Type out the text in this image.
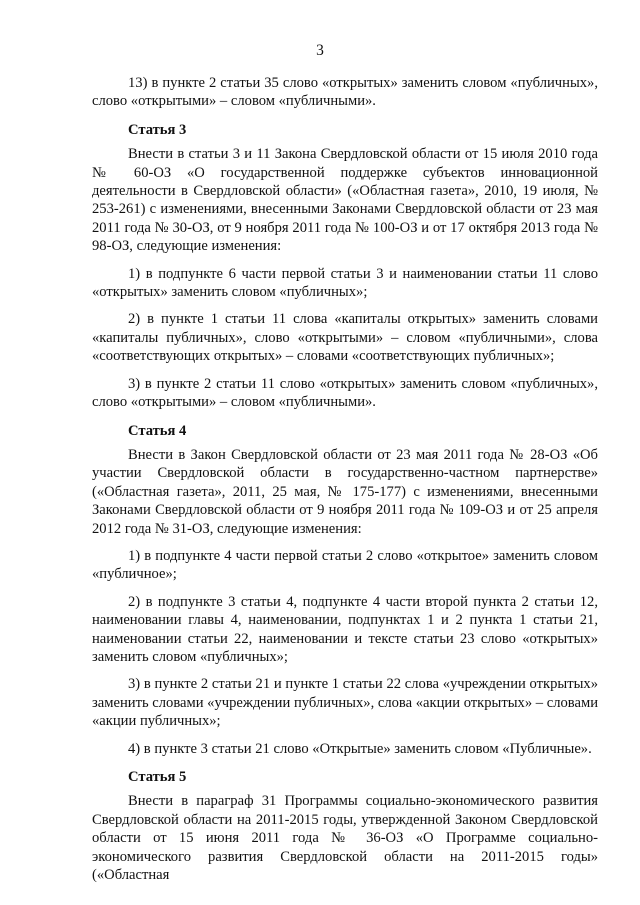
3

13) в пункте 2 статьи 35 слово «открытых» заменить словом «публичных», слово «открытыми» – словом «публичными».

Статья 3

Внести в статьи 3 и 11 Закона Свердловской области от 15 июля 2010 года № 60-ОЗ «О государственной поддержке субъектов инновационной деятельности в Свердловской области» («Областная газета», 2010, 19 июля, № 253-261) с изменениями, внесенными Законами Свердловской области от 23 мая 2011 года № 30-ОЗ, от 9 ноября 2011 года № 100-ОЗ и от 17 октября 2013 года № 98-ОЗ, следующие изменения:

1) в подпункте 6 части первой статьи 3 и наименовании статьи 11 слово «открытых» заменить словом «публичных»;

2) в пункте 1 статьи 11 слова «капиталы открытых» заменить словами «капиталы публичных», слово «открытыми» – словом «публичными», слова «соответствующих открытых» – словами «соответствующих публичных»;

3) в пункте 2 статьи 11 слово «открытых» заменить словом «публичных», слово «открытыми» – словом «публичными».

Статья 4

Внести в Закон Свердловской области от 23 мая 2011 года № 28-ОЗ «Об участии Свердловской области в государственно-частном партнерстве» («Областная газета», 2011, 25 мая, № 175-177) с изменениями, внесенными Законами Свердловской области от 9 ноября 2011 года № 109-ОЗ и от 25 апреля 2012 года № 31-ОЗ, следующие изменения:

1) в подпункте 4 части первой статьи 2 слово «открытое» заменить словом «публичное»;

2) в подпункте 3 статьи 4, подпункте 4 части второй пункта 2 статьи 12, наименовании главы 4, наименовании, подпунктах 1 и 2 пункта 1 статьи 21, наименовании статьи 22, наименовании и тексте статьи 23 слово «открытых» заменить словом «публичных»;

3) в пункте 2 статьи 21 и пункте 1 статьи 22 слова «учреждении открытых» заменить словами «учреждении публичных», слова «акции открытых» – словами «акции публичных»;

4) в пункте 3 статьи 21 слово «Открытые» заменить словом «Публичные».

Статья 5

Внести в параграф 31 Программы социально-экономического развития Свердловской области на 2011-2015 годы, утвержденной Законом Свердловской области от 15 июня 2011 года № 36-ОЗ «О Программе социально-экономического развития Свердловской области на 2011-2015 годы» («Областная
